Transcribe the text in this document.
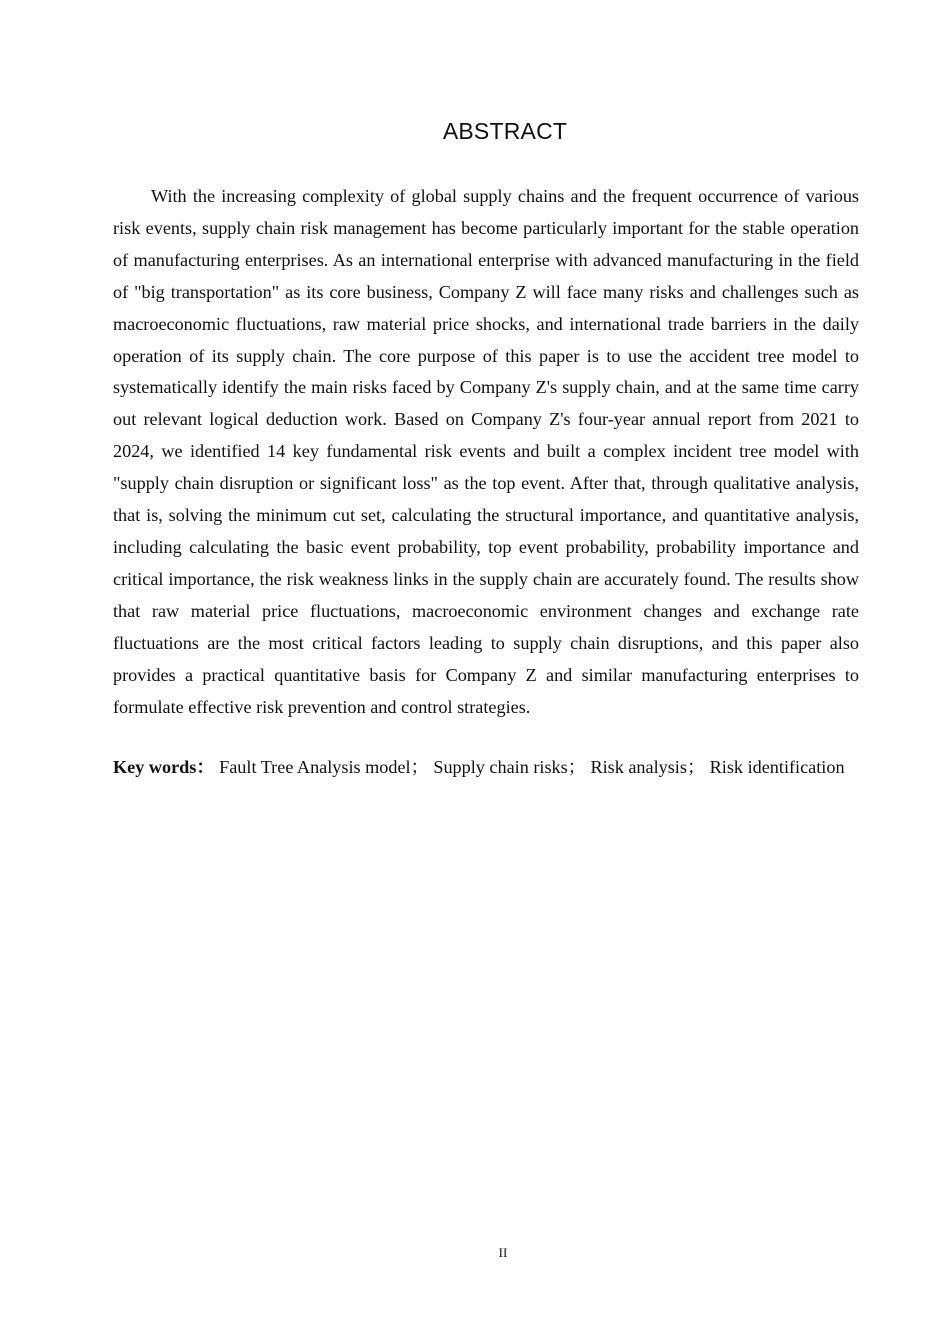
ABSTRACT

With the increasing complexity of global supply chains and the frequent occurrence of various risk events, supply chain risk management has become particularly important for the stable operation of manufacturing enterprises. As an international enterprise with advanced manufacturing in the field of "big transportation" as its core business, Company Z will face many risks and challenges such as macroeconomic fluctuations, raw material price shocks, and international trade barriers in the daily operation of its supply chain. The core purpose of this paper is to use the accident tree model to systematically identify the main risks faced by Company Z's supply chain, and at the same time carry out relevant logical deduction work. Based on Company Z's four-year annual report from 2021 to 2024, we identified 14 key fundamental risk events and built a complex incident tree model with "supply chain disruption or significant loss" as the top event. After that, through qualitative analysis, that is, solving the minimum cut set, calculating the structural importance, and quantitative analysis, including calculating the basic event probability, top event probability, probability importance and critical importance, the risk weakness links in the supply chain are accurately found. The results show that raw material price fluctuations, macroeconomic environment changes and exchange rate fluctuations are the most critical factors leading to supply chain disruptions, and this paper also provides a practical quantitative basis for Company Z and similar manufacturing enterprises to formulate effective risk prevention and control strategies.

Key words： Fault Tree Analysis model； Supply chain risks； Risk analysis； Risk identification

II
